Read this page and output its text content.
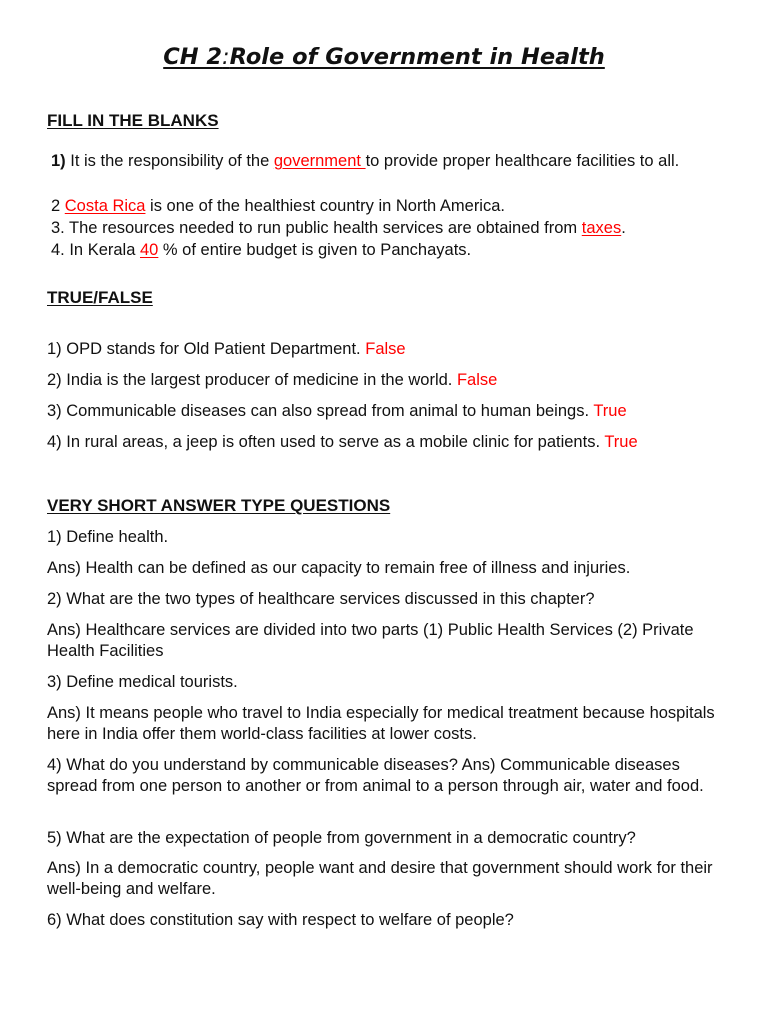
CH 2:Role of Government in Health
FILL IN THE BLANKS
1) It is the responsibility of the government to provide proper healthcare facilities to all.
2 Costa Rica is one of the healthiest country in North America.
3. The resources needed to run public health services are obtained from taxes.
4. In Kerala 40 % of entire budget is given to Panchayats.
TRUE/FALSE
1) OPD stands for Old Patient Department. False
2) India is the largest producer of medicine in the world. False
3) Communicable diseases can also spread from animal to human beings. True
4) In rural areas, a jeep is often used to serve as a mobile clinic for patients. True
VERY SHORT ANSWER TYPE QUESTIONS
1) Define health.
Ans) Health can be defined as our capacity to remain free of illness and injuries.
2) What are the two types of healthcare services discussed in this chapter?
Ans) Healthcare services are divided into two parts (1) Public Health Services (2) Private Health Facilities
3) Define medical tourists.
Ans) It means people who travel to India especially for medical treatment because hospitals here in India offer them world-class facilities at lower costs.
4) What do you understand by communicable diseases? Ans) Communicable diseases spread from one person to another or from animal to a person through air, water and food.
5) What are the expectation of people from government in a democratic country?
Ans) In a democratic country, people want and desire that government should work for their well-being and welfare.
6) What does constitution say with respect to welfare of people?
